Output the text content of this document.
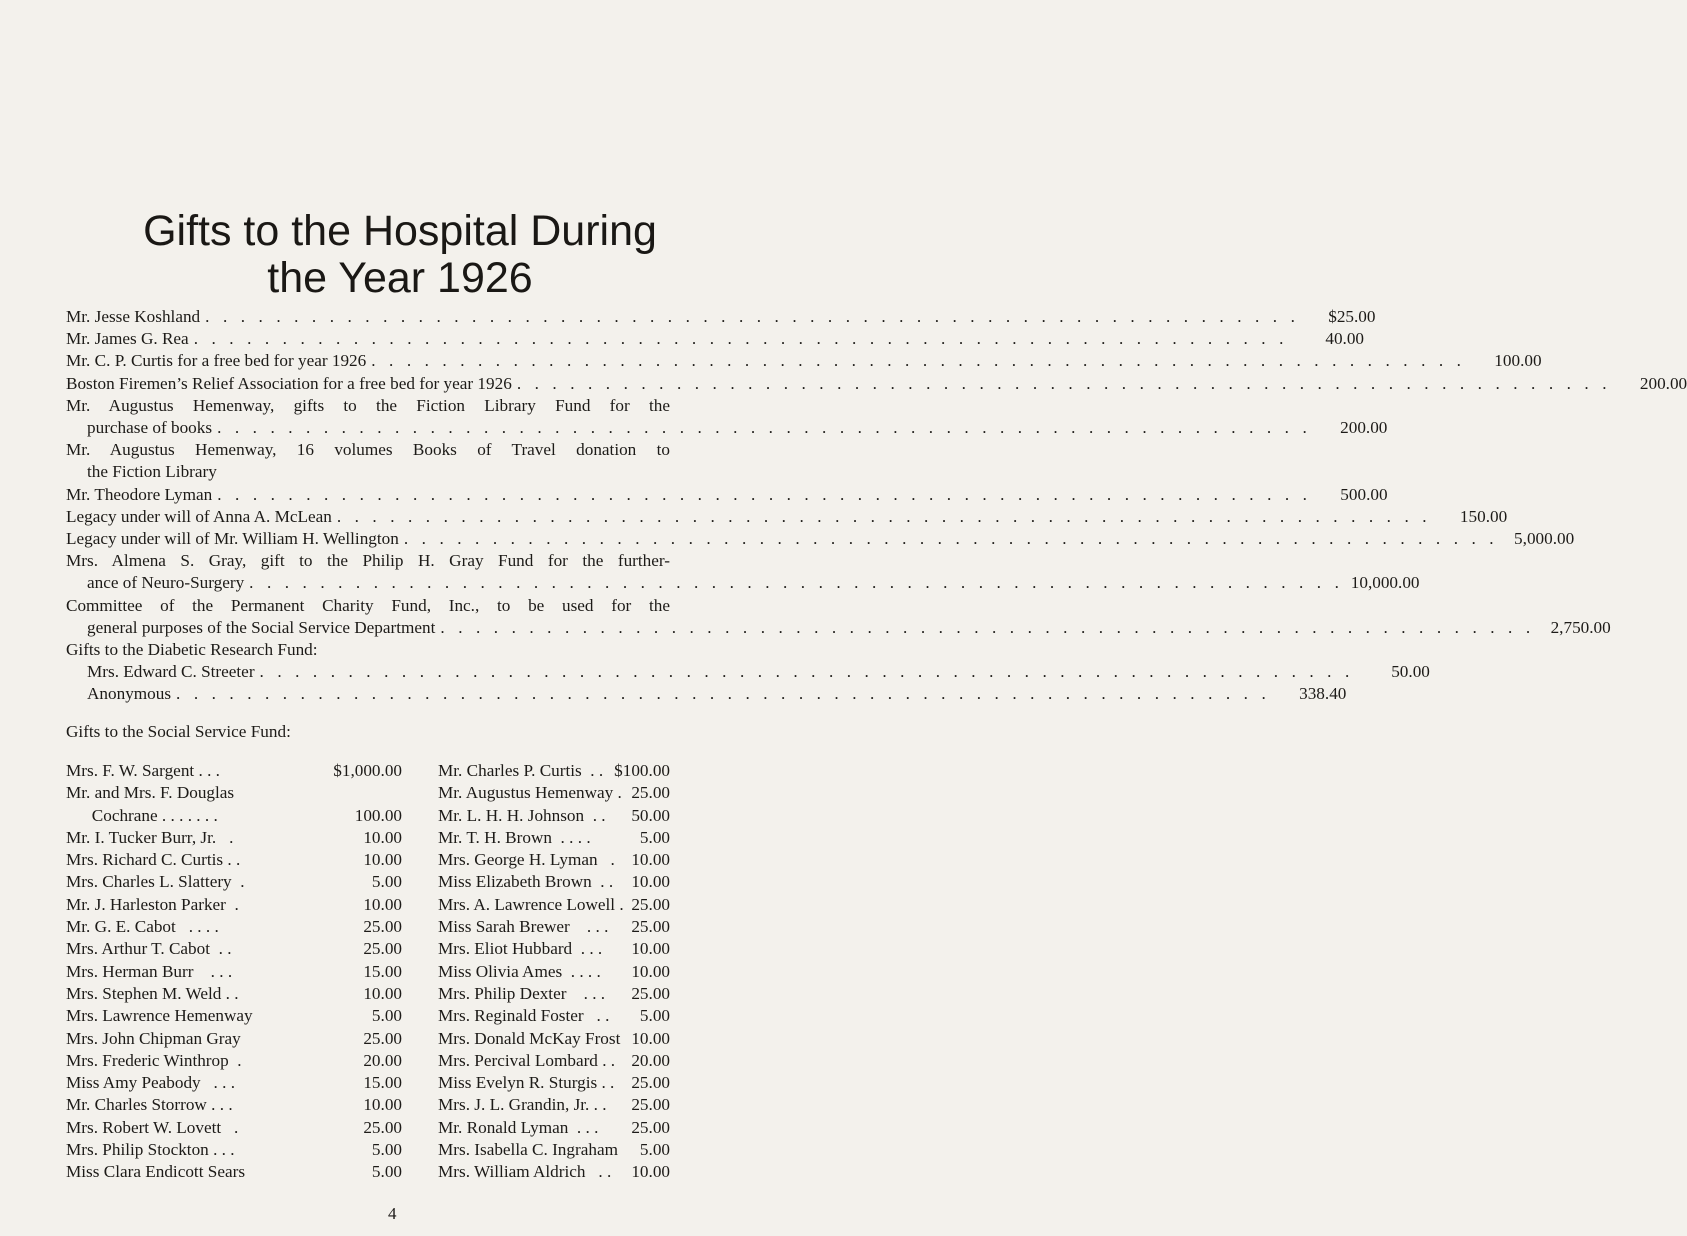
Gifts to the Hospital During
the Year 1926
Mr. Jesse Koshland . . . . . . . . . . . . . . . . . . . . . . . . . . . . . . . . . . . . . . . . . . . . . . . . . . . . . . . . . . . . . .	$25.00
Mr. James G. Rea . . . . . . . . . . . . . . . . . . . . . . . . . . . . . . . . . . . . . . . . . . . . . . . . . . . . . . . . . . . . . .	40.00
Mr. C. P. Curtis for a free bed for year 1926 . . . . . . . . . . . . . . . . . . . . . . . . . . . . . . . . . . . . . . . . . . . . . . . . . . . . . . . . . . . . . .	100.00
Boston Firemen’s Relief Association for a free bed for year 1926 . . . . . . . . . . . . . . . . . . . . . . . . . . . . . . . . . . . . . . . . . . . . . . . . . . . . . . . . . . . . . .	200.00
Mr. Augustus Hemenway, gifts to the Fiction Library Fund for the
purchase of books . . . . . . . . . . . . . . . . . . . . . . . . . . . . . . . . . . . . . . . . . . . . . . . . . . . . . . . . . . . . . .	200.00
Mr. Augustus Hemenway, 16 volumes Books of Travel donation to
the Fiction Library
Mr. Theodore Lyman . . . . . . . . . . . . . . . . . . . . . . . . . . . . . . . . . . . . . . . . . . . . . . . . . . . . . . . . . . . . . .	500.00
Legacy under will of Anna A. McLean . . . . . . . . . . . . . . . . . . . . . . . . . . . . . . . . . . . . . . . . . . . . . . . . . . . . . . . . . . . . . .	150.00
Legacy under will of Mr. William H. Wellington . . . . . . . . . . . . . . . . . . . . . . . . . . . . . . . . . . . . . . . . . . . . . . . . . . . . . . . . . . . . . . 5,000.00
Mrs. Almena S. Gray, gift to the Philip H. Gray Fund for the further-
ance of Neuro-Surgery . . . . . . . . . . . . . . . . . . . . . . . . . . . . . . . . . . . . . . . . . . . . . . . . . . . . . . . . . . . . . . 10,000.00
Committee of the Permanent Charity Fund, Inc., to be used for the
general purposes of the Social Service Department . . . . . . . . . . . . . . . . . . . . . . . . . . . . . . . . . . . . . . . . . . . . . . . . . . . . . . . . . . . . . . 2,750.00
Gifts to the Diabetic Research Fund:
Mrs. Edward C. Streeter . . . . . . . . . . . . . . . . . . . . . . . . . . . . . . . . . . . . . . . . . . . . . . . . . . . . . . . . . . . . . .	50.00
Anonymous . . . . . . . . . . . . . . . . . . . . . . . . . . . . . . . . . . . . . . . . . . . . . . . . . . . . . . . . . . . . . .	338.40
Gifts to the Social Service Fund:
Mrs. F. W. Sargent . . .	$1,000.00
Mr. and Mrs. F. Douglas
Cochrane . . . . . . .	100.00
Mr. I. Tucker Burr, Jr.   .	10.00
Mrs. Richard C. Curtis . .	10.00
Mrs. Charles L. Slattery  .	5.00
Mr. J. Harleston Parker  .	10.00
Mr. G. E. Cabot   . . . .	25.00
Mrs. Arthur T. Cabot  . .	25.00
Mrs. Herman Burr    . . .	15.00
Mrs. Stephen M. Weld . .	10.00
Mrs. Lawrence Hemenway	5.00
Mrs. John Chipman Gray	25.00
Mrs. Frederic Winthrop  .	20.00
Miss Amy Peabody   . . .	15.00
Mr. Charles Storrow . . .	10.00
Mrs. Robert W. Lovett   .	25.00
Mrs. Philip Stockton . . .	5.00
Miss Clara Endicott Sears	5.00
Mr. Charles P. Curtis  . . $100.00
Mr. Augustus Hemenway . 25.00
Mr. L. H. H. Johnson  . . 50.00
Mr. T. H. Brown  . . . .	5.00
Mrs. George H. Lyman   . 10.00
Miss Elizabeth Brown  . . 10.00
Mrs. A. Lawrence Lowell . 25.00
Miss Sarah Brewer    . . . 25.00
Mrs. Eliot Hubbard  . . . 10.00
Miss Olivia Ames  . . . . 10.00
Mrs. Philip Dexter    . . . 25.00
Mrs. Reginald Foster   . . 5.00
Mrs. Donald McKay Frost 10.00
Mrs. Percival Lombard . . 20.00
Miss Evelyn R. Sturgis . . 25.00
Mrs. J. L. Grandin, Jr. . . 25.00
Mr. Ronald Lyman  . . . 25.00
Mrs. Isabella C. Ingraham 5.00
Mrs. William Aldrich   . . 10.00
4
